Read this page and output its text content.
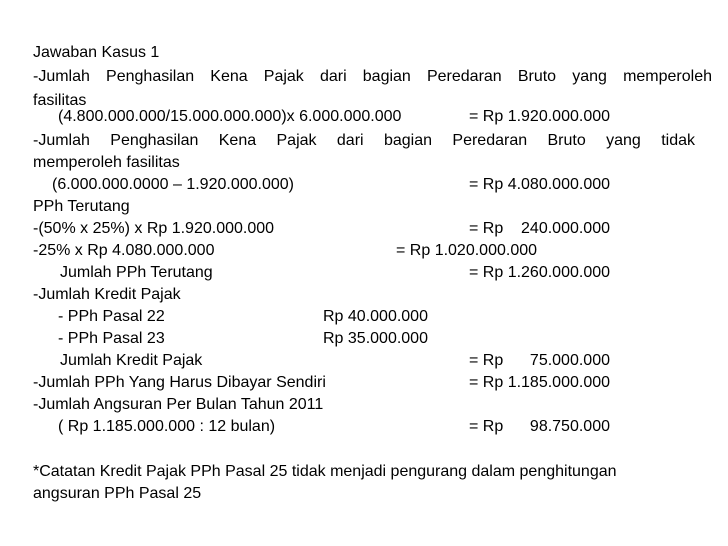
Jawaban Kasus 1
-Jumlah Penghasilan Kena Pajak dari bagian Peredaran Bruto yang memperoleh
fasilitas
(4.800.000.000/15.000.000.000)x 6.000.000.000	= Rp 1.920.000.000
-Jumlah Penghasilan Kena Pajak dari bagian Peredaran Bruto yang tidak
memperoleh fasilitas
(6.000.000.0000 – 1.920.000.000)	= Rp 4.080.000.000
PPh Terutang
-(50% x 25%) x Rp 1.920.000.000	= Rp    240.000.000
-25% x Rp 4.080.000.000	= Rp 1.020.000.000
Jumlah PPh Terutang	= Rp 1.260.000.000
-Jumlah Kredit Pajak
- PPh Pasal 22	Rp 40.000.000
- PPh Pasal 23	Rp 35.000.000
Jumlah Kredit Pajak	= Rp      75.000.000
-Jumlah PPh Yang Harus Dibayar Sendiri	= Rp 1.185.000.000
-Jumlah Angsuran Per Bulan Tahun 2011
( Rp 1.185.000.000 : 12 bulan)	= Rp      98.750.000
*Catatan Kredit Pajak PPh Pasal 25 tidak menjadi pengurang dalam penghitungan
angsuran PPh Pasal 25
